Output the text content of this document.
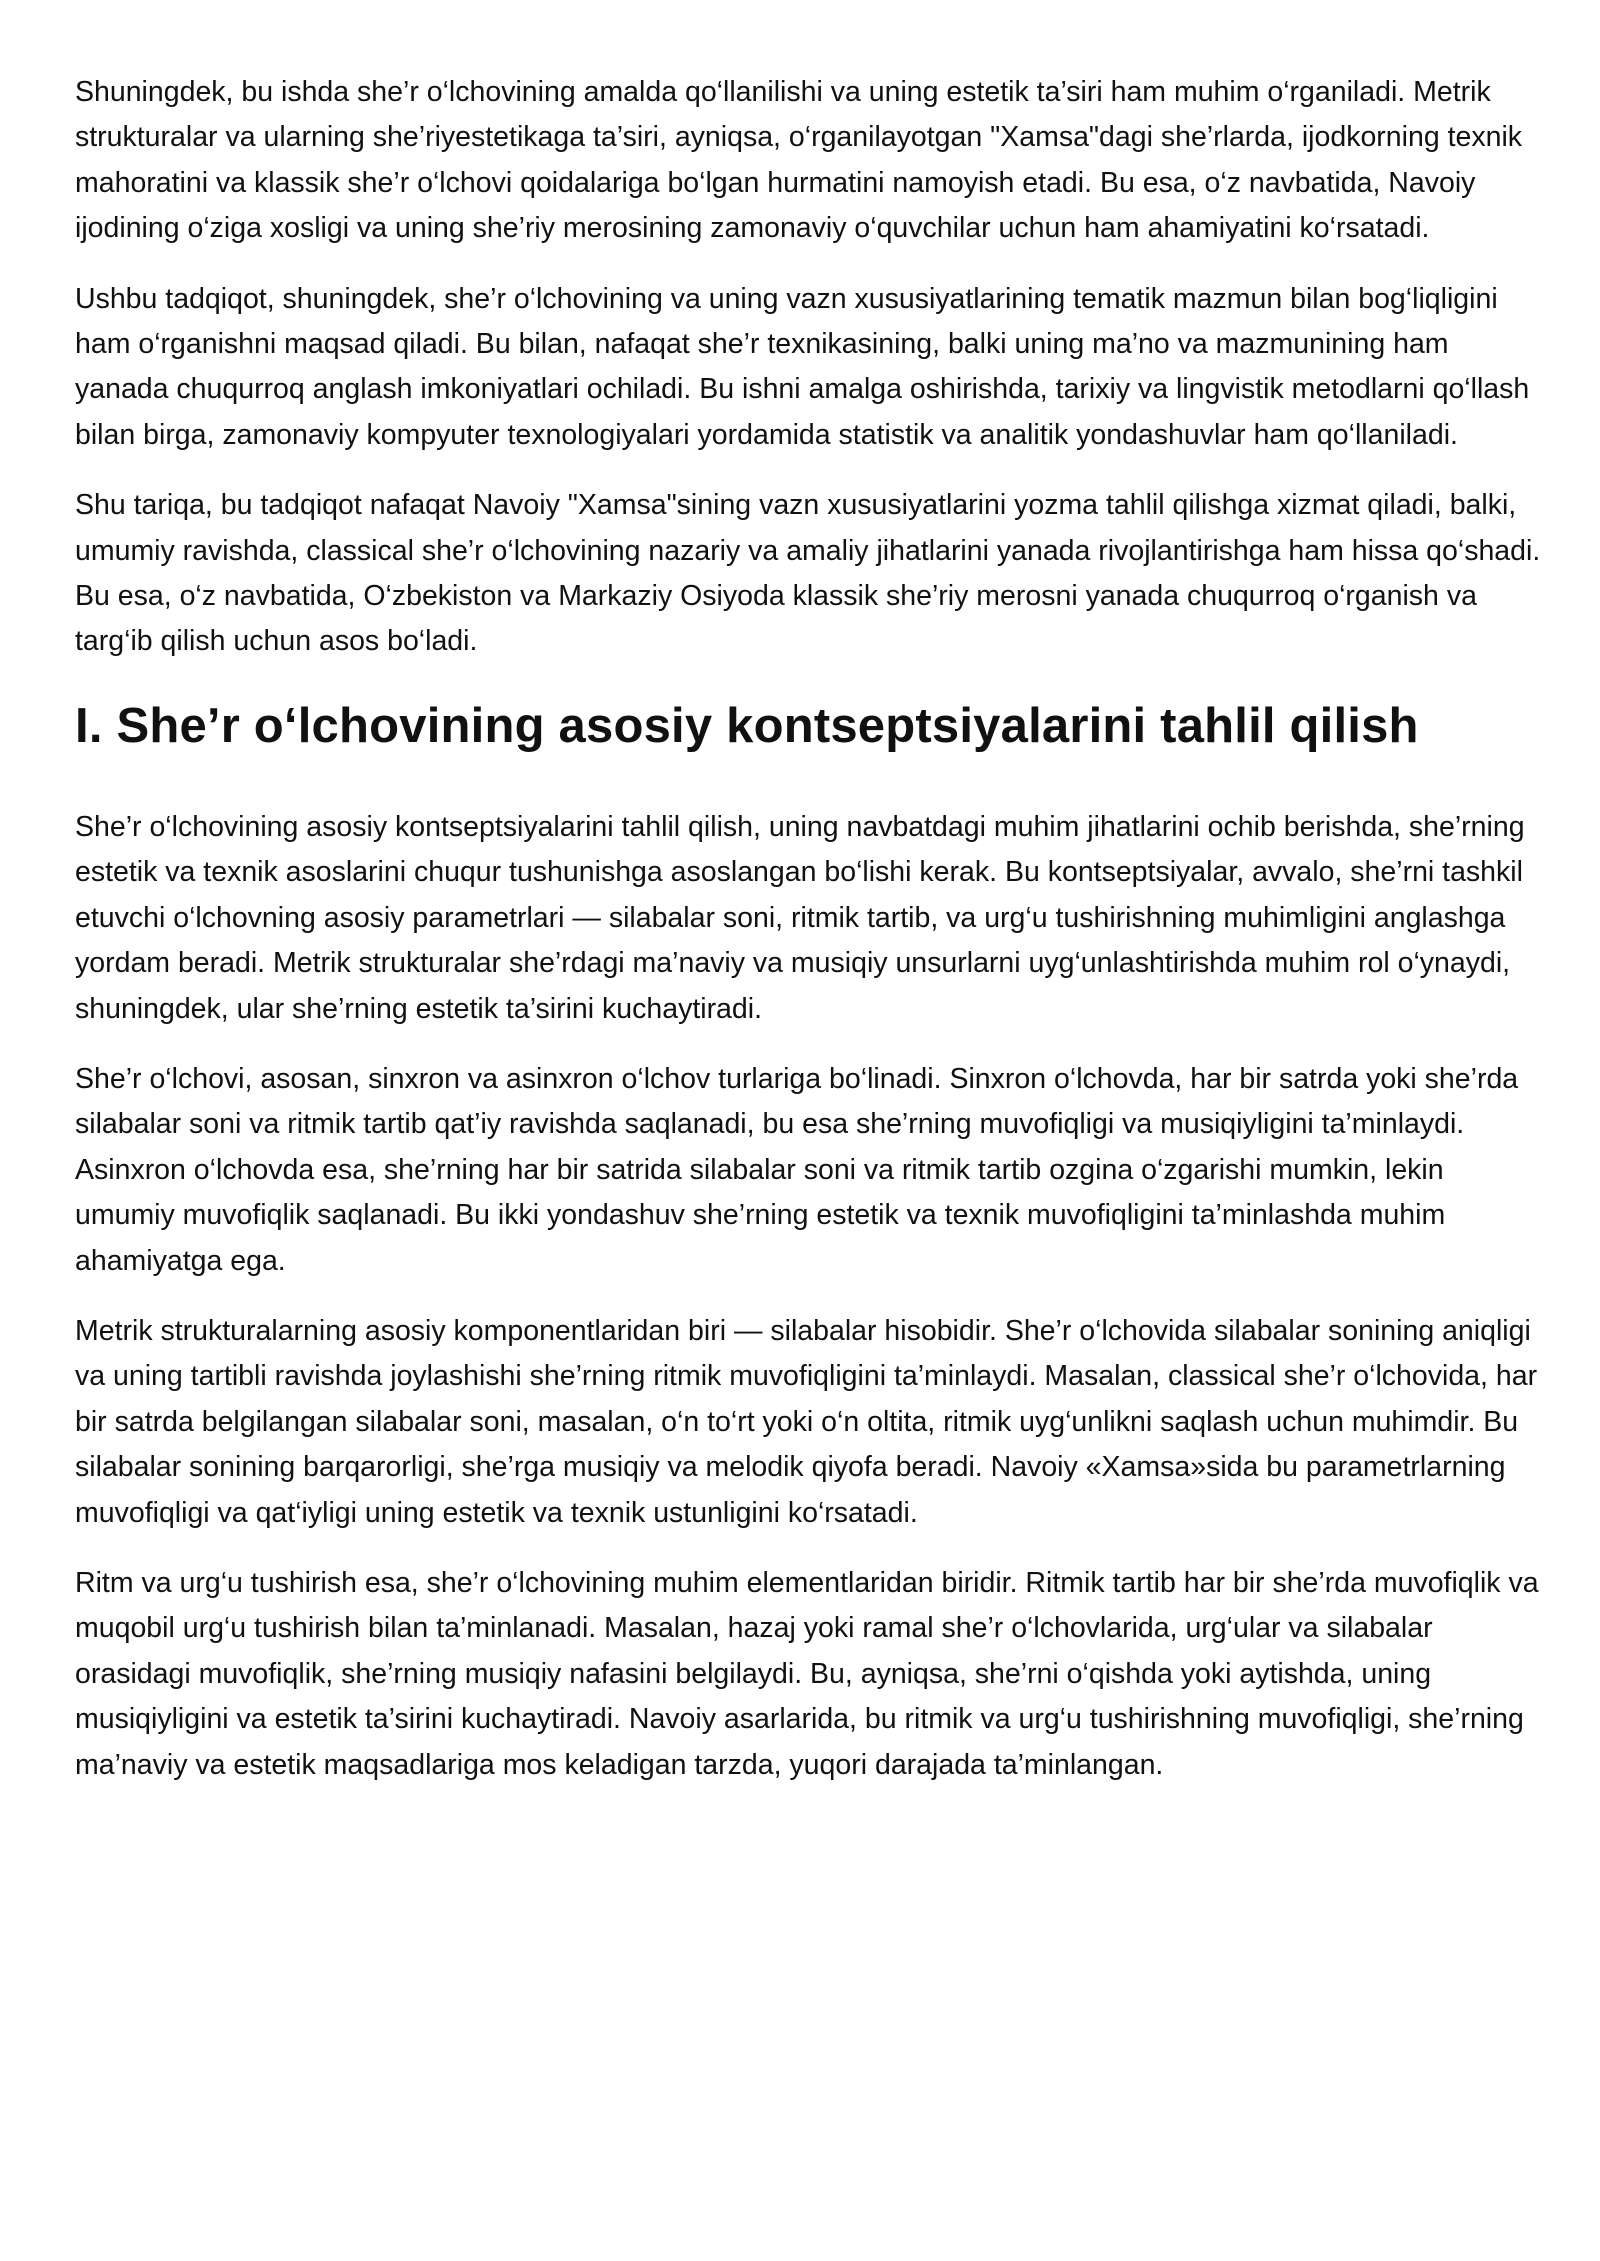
Shuningdek, bu ishda she’r o‘lchovining amalda qo‘llanilishi va uning estetik ta’siri ham muhim o‘rganiladi. Metrik strukturalar va ularning she’riyestetikaga ta’siri, ayniqsa, o‘rganilayotgan "Xamsa"dagi she’rlarda, ijodkorning texnik mahoratini va klassik she’r o‘lchovi qoidalariga bo‘lgan hurmatini namoyish etadi. Bu esa, o‘z navbatida, Navoiy ijodining o‘ziga xosligi va uning she’riy merosining zamonaviy o‘quvchilar uchun ham ahamiyatini ko‘rsatadi.

Ushbu tadqiqot, shuningdek, she’r o‘lchovining va uning vazn xususiyatlarining tematik mazmun bilan bog‘liqligini ham o‘rganishni maqsad qiladi. Bu bilan, nafaqat she’r texnikasining, balki uning ma’no va mazmunining ham yanada chuqurroq anglash imkoniyatlari ochiladi. Bu ishni amalga oshirishda, tarixiy va lingvistik metodlarni qo‘llash bilan birga, zamonaviy kompyuter texnologiyalari yordamida statistik va analitik yondashuvlar ham qo‘llaniladi.

Shu tariqa, bu tadqiqot nafaqat Navoiy "Xamsa"sining vazn xususiyatlarini yozma tahlil qilishga xizmat qiladi, balki, umumiy ravishda, classical she’r o‘lchovining nazariy va amaliy jihatlarini yanada rivojlantirishga ham hissa qo‘shadi. Bu esa, o‘z navbatida, O‘zbekiston va Markaziy Osiyoda klassik she’riy merosni yanada chuqurroq o‘rganish va targ‘ib qilish uchun asos bo‘ladi.

I. She’r o‘lchovining asosiy kontseptsiyalarini tahlil qilish

She’r o‘lchovining asosiy kontseptsiyalarini tahlil qilish, uning navbatdagi muhim jihatlarini ochib berishda, she’rning estetik va texnik asoslarini chuqur tushunishga asoslangan bo‘lishi kerak. Bu kontseptsiyalar, avvalo, she’rni tashkil etuvchi o‘lchovning asosiy parametrlari — silabalar soni, ritmik tartib, va urg‘u tushirishning muhimligini anglashga yordam beradi. Metrik strukturalar she’rdagi ma’naviy va musiqiy unsurlarni uyg‘unlashtirishda muhim rol o‘ynaydi, shuningdek, ular she’rning estetik ta’sirini kuchaytiradi.

She’r o‘lchovi, asosan, sinxron va asinxron o‘lchov turlariga bo‘linadi. Sinxron o‘lchovda, har bir satrda yoki she’rda silabalar soni va ritmik tartib qat’iy ravishda saqlanadi, bu esa she’rning muvofiqligi va musiqiyligini ta’minlaydi. Asinxron o‘lchovda esa, she’rning har bir satrida silabalar soni va ritmik tartib ozgina o‘zgarishi mumkin, lekin umumiy muvofiqlik saqlanadi. Bu ikki yondashuv she’rning estetik va texnik muvofiqligini ta’minlashda muhim ahamiyatga ega.

Metrik strukturalarning asosiy komponentlaridan biri — silabalar hisobidir. She’r o‘lchovida silabalar sonining aniqligi va uning tartibli ravishda joylashishi she’rning ritmik muvofiqligini ta’minlaydi. Masalan, classical she’r o‘lchovida, har bir satrda belgilangan silabalar soni, masalan, o‘n to‘rt yoki o‘n oltita, ritmik uyg‘unlikni saqlash uchun muhimdir. Bu silabalar sonining barqarorligi, she’rga musiqiy va melodik qiyofa beradi. Navoiy «Xamsa»sida bu parametrlarning muvofiqligi va qat‘iyligi uning estetik va texnik ustunligini ko‘rsatadi.

Ritm va urg‘u tushirish esa, she’r o‘lchovining muhim elementlaridan biridir. Ritmik tartib har bir she’rda muvofiqlik va muqobil urg‘u tushirish bilan ta’minlanadi. Masalan, hazaj yoki ramal she’r o‘lchovlarida, urg‘ular va silabalar orasidagi muvofiqlik, she’rning musiqiy nafasini belgilaydi. Bu, ayniqsa, she’rni o‘qishda yoki aytishda, uning musiqiyligini va estetik ta’sirini kuchaytiradi. Navoiy asarlarida, bu ritmik va urg‘u tushirishning muvofiqligi, she’rning ma’naviy va estetik maqsadlariga mos keladigan tarzda, yuqori darajada ta’minlangan.
